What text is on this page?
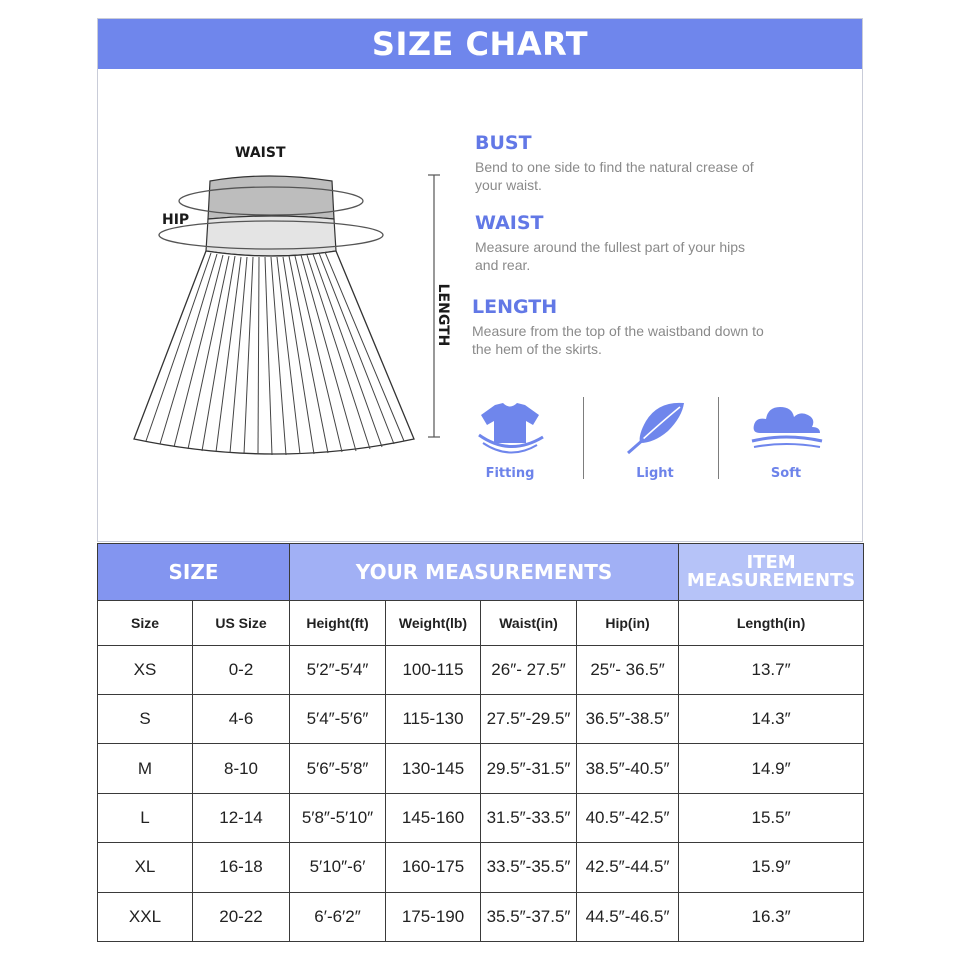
SIZE CHART
WAIST
HIP
LENGTH
BUST
Bend to one side to find the natural crease of
your waist.
WAIST
Measure around the fullest part of your hips
and rear.
LENGTH
Measure from the top of the waistband down to
the hem of the skirts.
Fitting	Light	Soft
SIZE		YOUR MEASUREMENTS				ITEM
MEASUREMENTS

Size	US Size	Height(ft)	Weight(lb)	Waist(in)	Hip(in)	Length(in)
XS	0-2	5′2″-5′4″	100-115	26″- 27.5″	25″- 36.5″	13.7″
S	4-6	5′4″-5′6″	115-130	27.5″-29.5″	36.5″-38.5″	14.3″
M	8-10	5′6″-5′8″	130-145	29.5″-31.5″	38.5″-40.5″	14.9″
L	12-14	5′8″-5′10″	145-160	31.5″-33.5″	40.5″-42.5″	15.5″
XL	16-18	5′10″-6′	160-175	33.5″-35.5″	42.5″-44.5″	15.9″
XXL	20-22	6′-6′2″	175-190	35.5″-37.5″	44.5″-46.5″	16.3″
